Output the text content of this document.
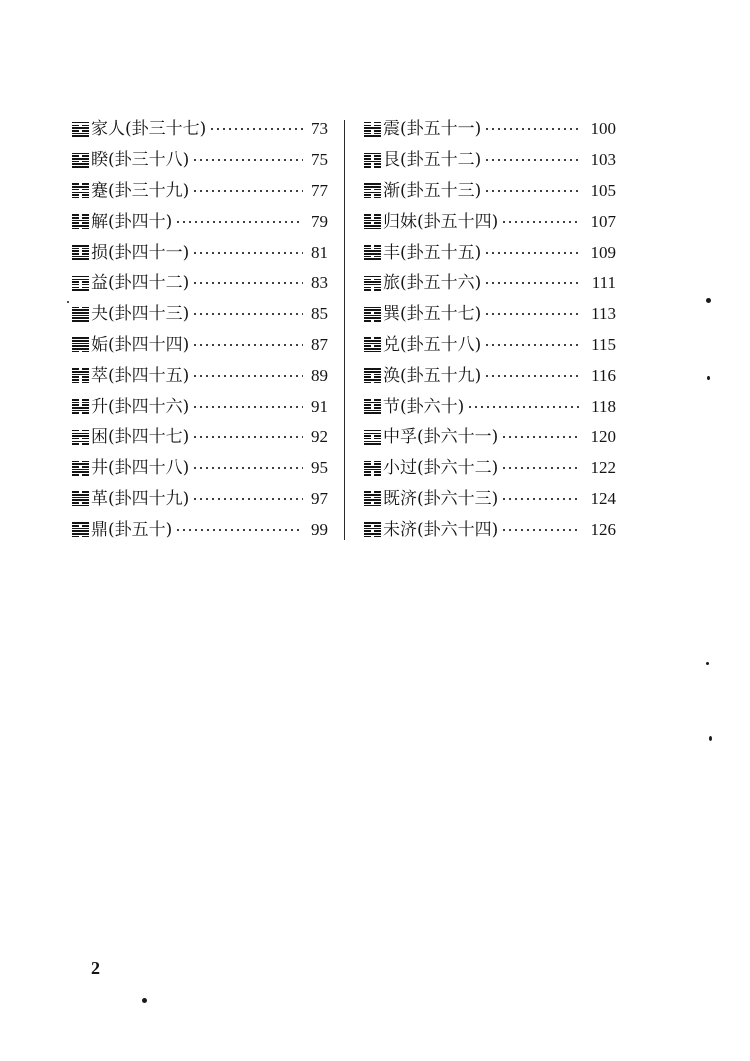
家人(卦三十七)	73
睽(卦三十八)	75
蹇(卦三十九)	77
解(卦四十)	79
损(卦四十一)	81
益(卦四十二)	83
夬(卦四十三)	85
姤(卦四十四)	87
萃(卦四十五)	89
升(卦四十六)	91
困(卦四十七)	92
井(卦四十八)	95
革(卦四十九)	97
鼎(卦五十)	99
震(卦五十一)	100
艮(卦五十二)	103
渐(卦五十三)	105
归妹(卦五十四)	107
丰(卦五十五)	109
旅(卦五十六)	111
巽(卦五十七)	113
兑(卦五十八)	115
涣(卦五十九)	116
节(卦六十)	118
中孚(卦六十一)	120
小过(卦六十二)	122
既济(卦六十三)	124
未济(卦六十四)	126
2
